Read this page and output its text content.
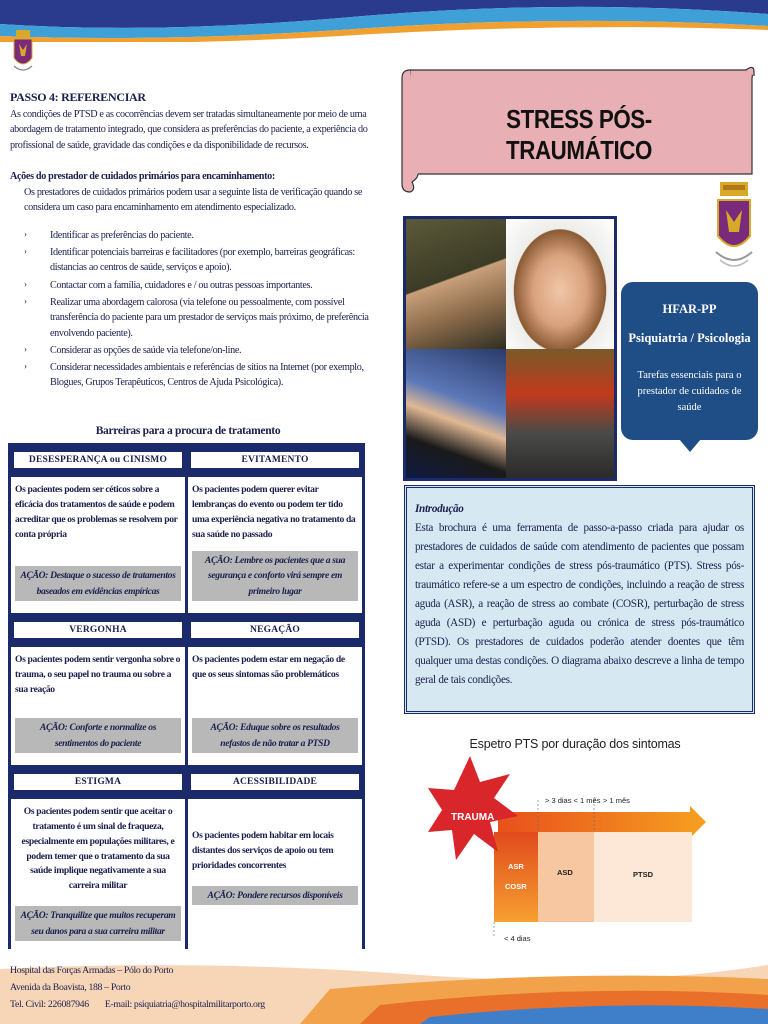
PASSO 4: REFERENCIAR
As condições de PTSD e as cocorrências devem ser tratadas simultaneamente por meio de uma abordagem de tratamento integrado, que considera as preferências do paciente, a experiência do profissional de saúde, gravidade das condições e da disponibilidade de recursos.
Ações do prestador de cuidados primários para encaminhamento:
Os prestadores de cuidados primários podem usar a seguinte lista de verificação quando se considera um caso para encaminhamento em atendimento especializado.
› Identificar as preferências do paciente.
› Identificar potenciais barreiras e facilitadores (por exemplo, barreiras geográficas: distancias ao centros de saúde, serviços e apoio).
› Contactar com a família, cuidadores e / ou outras pessoas importantes.
› Realizar uma abordagem calorosa (via telefone ou pessoalmente, com possível transferência do paciente para um prestador de serviços mais próximo, de preferência envolvendo paciente).
› Considerar as opções de saúde via telefone/on-line.
› Considerar necessidades ambientais e referências de sítios na Internet (por exemplo, Blogues, Grupos Terapêuticos, Centros de Ajuda Psicológica).
Barreiras para a procura de tratamento
DESESPERANÇA ou CINISMO	EVITAMENTO
Os pacientes podem ser céticos sobre a eficácia dos tratamentos de saúde e podem acreditar que os problemas se resolvem por conta própria
AÇÃO: Destaque o sucesso de tratamentos baseados em evidências empíricas
Os pacientes podem querer evitar lembranças do evento ou podem ter tido uma experiência negativa no tratamento da sua saúde no passado
AÇÃO: Lembre os pacientes que a sua segurança e conforto virá sempre em primeiro lugar
VERGONHA	NEGAÇÃO
Os pacientes podem sentir vergonha sobre o trauma, o seu papel no trauma ou sobre a sua reação
AÇÃO: Conforte e normalize os sentimentos do paciente
Os pacientes podem estar em negação de que os seus sintomas são problemáticos
AÇÃO: Eduque sobre os resultados nefastos de não tratar a PTSD
ESTIGMA	ACESSIBILIDADE
Os pacientes podem sentir que aceitar o tratamento é um sinal de fraqueza, especialmente em populações militares, e podem temer que o tratamento da sua saúde implique negativamente a sua carreira militar
AÇÃO: Tranquilize que muitos recuperam seu danos para a sua carreira militar
Os pacientes podem habitar em locais distantes dos serviços de apoio ou tem prioridades concorrentes
AÇÃO: Pondere recursos disponíveis
STRESS PÓS-TRAUMÁTICO
HFAR-PP
Psiquiatria / Psicologia
Tarefas essenciais para o prestador de cuidados de saúde
Introdução
Esta brochura é uma ferramenta de passo-a-passo criada para ajudar os prestadores de cuidados de saúde com atendimento de pacientes que possam estar a experimentar condições de stress pós-traumático (PTS). Stress pós-traumático refere-se a um espectro de condições, incluindo a reação de stress aguda (ASR), a reação de stress ao combate (COSR), perturbação de stress aguda (ASD) e perturbação aguda ou crónica de stress pós-traumático (PTSD). Os prestadores de cuidados poderão atender doentes que têm qualquer uma destas condições. O diagrama abaixo descreve a linha de tempo geral de tais condições.
Espetro PTS por duração dos sintomas
> 3 dias < 1 mês > 1 mês
< 4 dias
TRAUMA
ASR
COSR
ASD	PTSD
Hospital das Forças Armadas – Pólo do Porto
Avenida da Boavista, 188 – Porto
Tel. Civil: 226087946 E-mail: psiquiatria@hospitalmilitarporto.org
